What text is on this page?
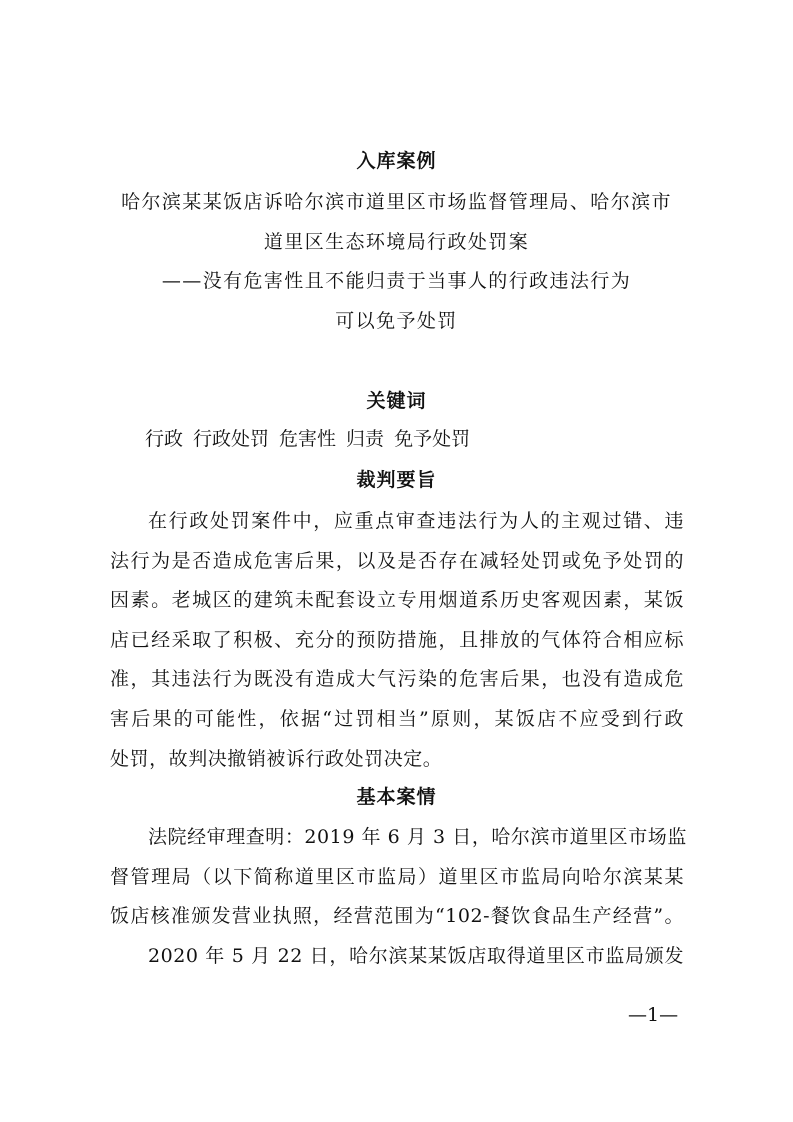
入库案例
哈尔滨某某饭店诉哈尔滨市道里区市场监督管理局、哈尔滨市
道里区生态环境局行政处罚案
——没有危害性且不能归责于当事人的行政违法行为
可以免予处罚
关键词
行政 行政处罚 危害性 归责 免予处罚
裁判要旨
在行政处罚案件中，应重点审查违法行为人的主观过错、违
法行为是否造成危害后果，以及是否存在减轻处罚或免予处罚的
因素。老城区的建筑未配套设立专用烟道系历史客观因素，某饭
店已经采取了积极、充分的预防措施，且排放的气体符合相应标
准，其违法行为既没有造成大气污染的危害后果，也没有造成危
害后果的可能性，依据“过罚相当”原则，某饭店不应受到行政
处罚，故判决撤销被诉行政处罚决定。
基本案情
法院经审理查明：2019 年 6 月 3 日，哈尔滨市道里区市场监
督管理局（以下简称道里区市监局）道里区市监局向哈尔滨某某
饭店核准颁发营业执照，经营范围为“102-餐饮食品生产经营”。
2020 年 5 月 22 日，哈尔滨某某饭店取得道里区市监局颁发
—1—
